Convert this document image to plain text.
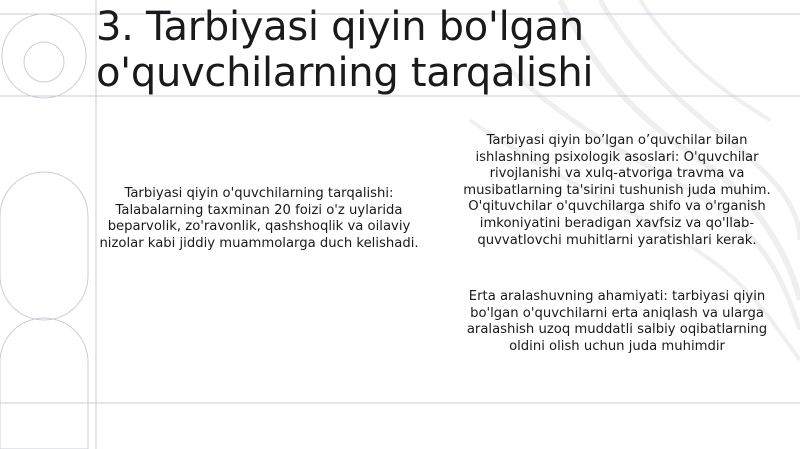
3. Tarbiyasi qiyin bo'lgan
o'quvchilarning tarqalishi
Tarbiyasi qiyin o'quvchilarning tarqalishi: Talabalarning taxminan 20 foizi o'z uylarida beparvolik, zo'ravonlik, qashshoqlik va oilaviy nizolar kabi jiddiy muammolarga duch kelishadi.
Tarbiyasi qiyin bo’lgan o’quvchilar bilan ishlashning psixologik asoslari: O'quvchilar rivojlanishi va xulq-atvoriga travma va musibatlarning ta'sirini tushunish juda muhim. O'qituvchilar o'quvchilarga shifo va o'rganish imkoniyatini beradigan xavfsiz va qo'llab-quvvatlovchi muhitlarni yaratishlari kerak.
Erta aralashuvning ahamiyati: tarbiyasi qiyin bo'lgan o'quvchilarni erta aniqlash va ularga aralashish uzoq muddatli salbiy oqibatlarning oldini olish uchun juda muhimdir
